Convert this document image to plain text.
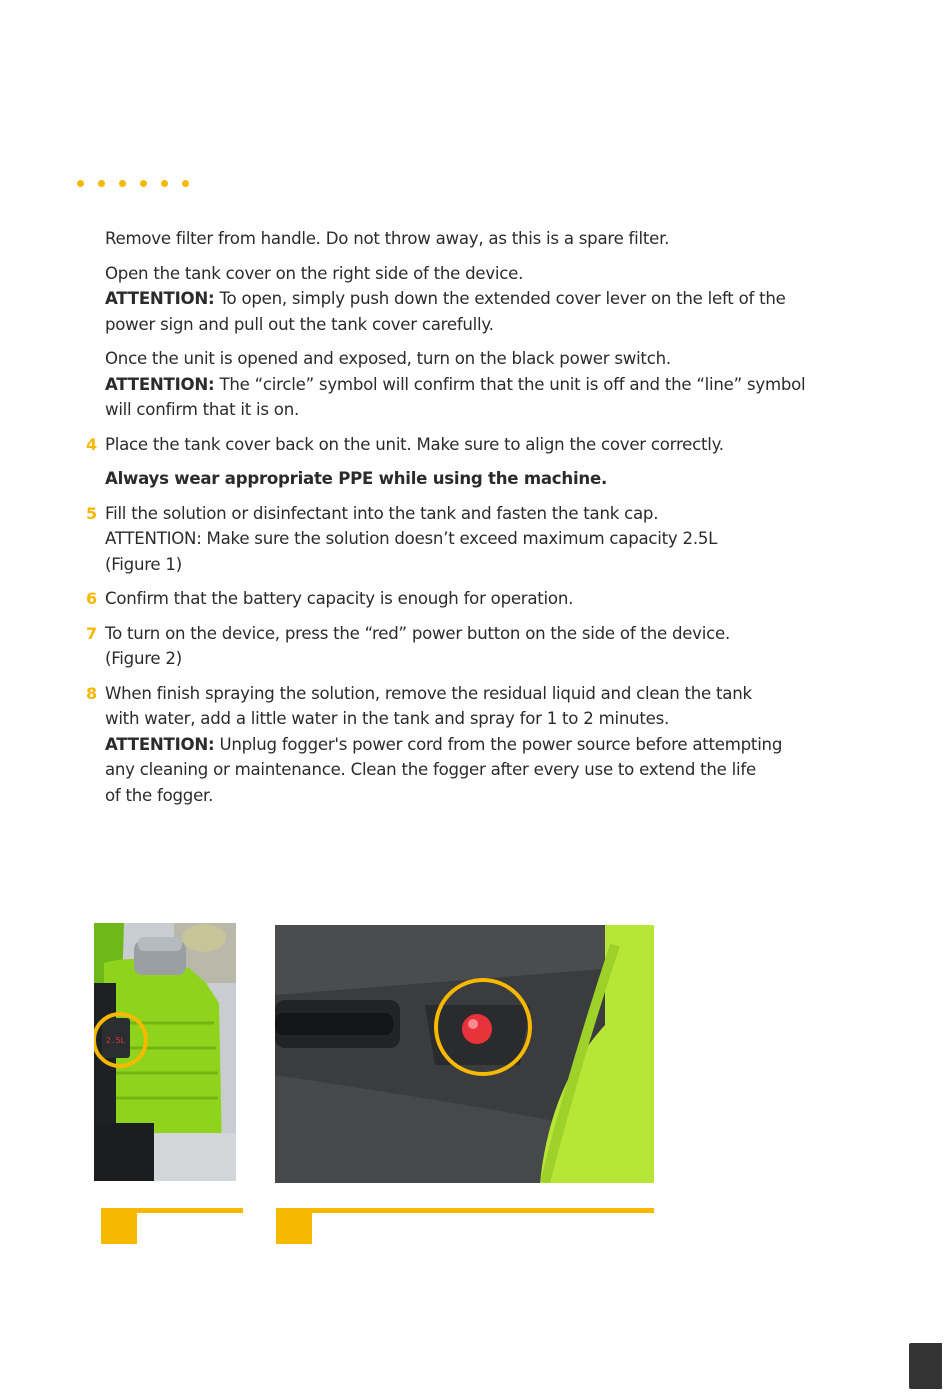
Remove filter from handle. Do not throw away, as this is a spare filter.
Open the tank cover on the right side of the device.
ATTENTION: To open, simply push down the extended cover lever on the left of the
power sign and pull out the tank cover carefully.
Once the unit is opened and exposed, turn on the black power switch.
ATTENTION: The “circle” symbol will confirm that the unit is off and the “line” symbol
will confirm that it is on.
4 Place the tank cover back on the unit. Make sure to align the cover correctly.
Always wear appropriate PPE while using the machine.
5 Fill the solution or disinfectant into the tank and fasten the tank cap.
ATTENTION: Make sure the solution doesn’t exceed maximum capacity 2.5L
(Figure 1)
6 Confirm that the battery capacity is enough for operation.
7 To turn on the device, press the “red” power button on the side of the device.
(Figure 2)
8 When finish spraying the solution, remove the residual liquid and clean the tank
with water, add a little water in the tank and spray for 1 to 2 minutes.
ATTENTION: Unplug fogger's power cord from the power source before attempting
any cleaning or maintenance. Clean the fogger after every use to extend the life
of the fogger.
2.5L
